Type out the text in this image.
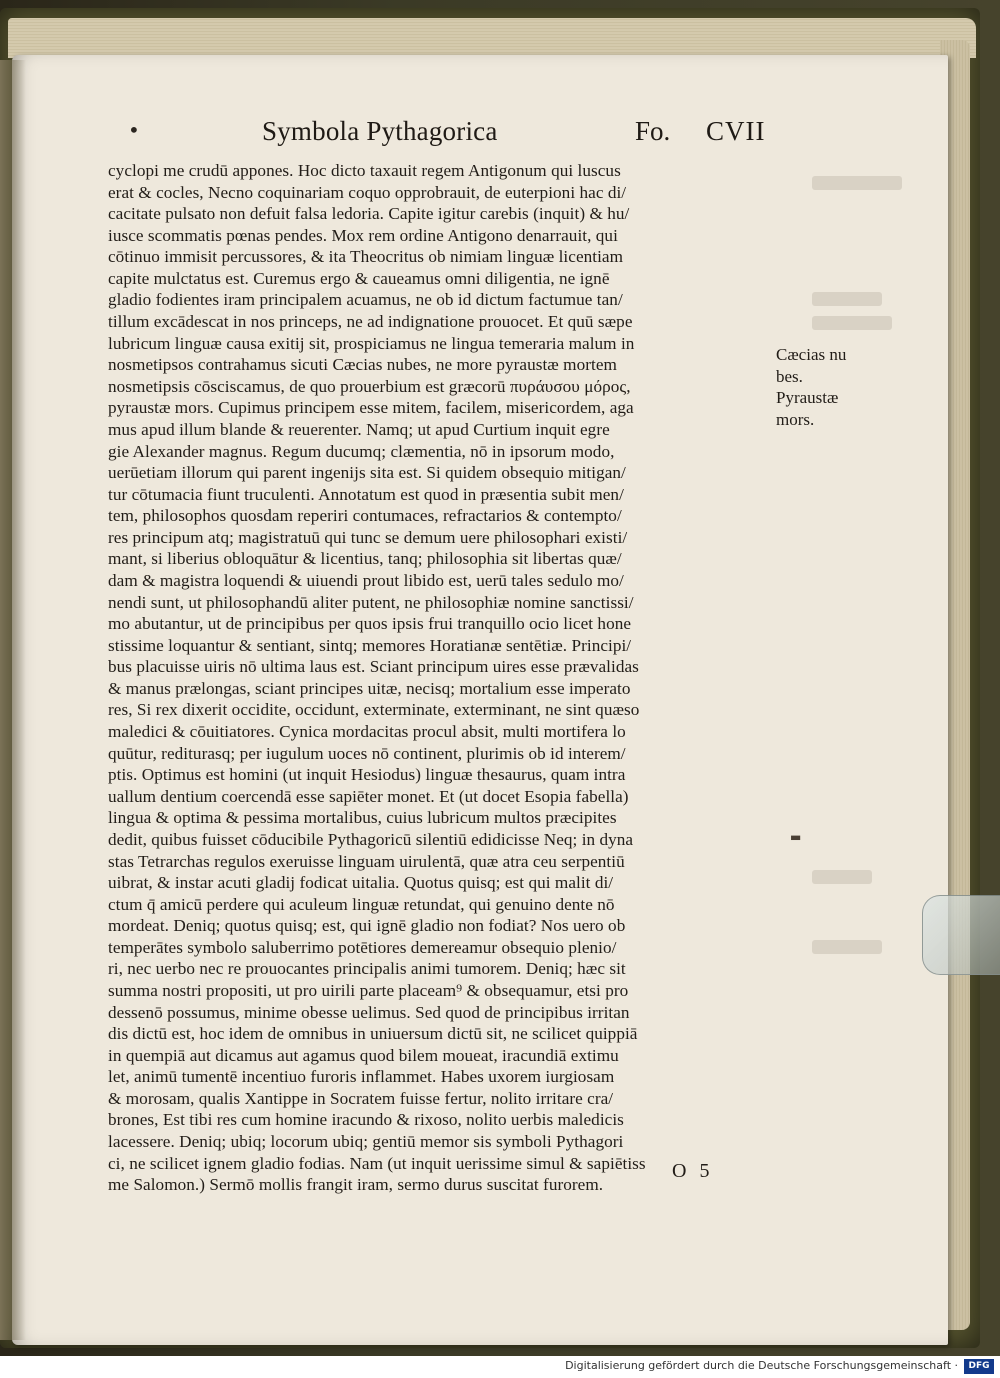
•	Symbola Pythagorica	Fo. CVII
cyclopi me crudū appones. Hoc dicto taxauit regem Antigonum qui luscus
erat & cocles, Necno coquinariam coquo opprobrauit, de euterpioni hac di/
cacitate pulsato non defuit falsa ledoria. Capite igitur carebis (inquit) & hu/
iusce scommatis pœnas pendes. Mox rem ordine Antigono denarrauit, qui
cōtinuo immisit percussores, & ita Theocritus ob nimiam linguæ licentiam
capite mulctatus est. Curemus ergo & caueamus omni diligentia, ne ignē
gladio fodientes iram principalem acuamus, ne ob id dictum factumue tan/
tillum excādescat in nos princeps, ne ad indignatione prouocet. Et quū sæpe
lubricum linguæ causa exitij sit, prospiciamus ne lingua temeraria malum in
nosmetipsos contrahamus sicuti Cæcias nubes, ne more pyraustæ mortem
nosmetipsis cōsciscamus, de quo prouerbium est græcorū πυράυσου μόρος,
pyraustæ mors. Cupimus principem esse mitem, facilem, misericordem, aga
mus apud illum blande & reuerenter. Namq; ut apud Curtium inquit egre
gie Alexander magnus. Regum ducumq; clæmentia, nō in ipsorum modo,
uerūetiam illorum qui parent ingenijs sita est. Si quidem obsequio mitigan/
tur cōtumacia fiunt truculenti. Annotatum est quod in præsentia subit men/
tem, philosophos quosdam reperiri contumaces, refractarios & contempto/
res principum atq; magistratuū qui tunc se demum uere philosophari existi/
mant, si liberius obloquātur & licentius, tanq; philosophia sit libertas quæ/
dam & magistra loquendi & uiuendi prout libido est, uerū tales sedulo mo/
nendi sunt, ut philosophandū aliter putent, ne philosophiæ nomine sanctissi/
mo abutantur, ut de principibus per quos ipsis frui tranquillo ocio licet hone
stissime loquantur & sentiant, sintq; memores Horatianæ sentētiæ. Principi/
bus placuisse uiris nō ultima laus est. Sciant principum uires esse prævalidas
& manus prælongas, sciant principes uitæ, necisq; mortalium esse imperato
res, Si rex dixerit occidite, occidunt, exterminate, exterminant, ne sint quæso
maledici & cōuitiatores. Cynica mordacitas procul absit, multi mortifera lo
quūtur, rediturasq; per iugulum uoces nō continent, plurimis ob id interem/
ptis. Optimus est homini (ut inquit Hesiodus) linguæ thesaurus, quam intra
uallum dentium coercendā esse sapiēter monet. Et (ut docet Esopia fabella)
lingua & optima & pessima mortalibus, cuius lubricum multos præcipites
dedit, quibus fuisset cōducibile Pythagoricū silentiū edidicisse Neq; in dyna
stas Tetrarchas regulos exeruisse linguam uirulentā, quæ atra ceu serpentiū
uibrat, & instar acuti gladij fodicat uitalia. Quotus quisq; est qui malit di/
ctum q̄ amicū perdere qui aculeum linguæ retundat, qui genuino dente nō
mordeat. Deniq; quotus quisq; est, qui ignē gladio non fodiat? Nos uero ob
temperātes symbolo saluberrimo potētiores demereamur obsequio plenio/
ri, nec uerbo nec re prouocantes principalis animi tumorem. Deniq; hæc sit
summa nostri propositi, ut pro uirili parte placeam⁹ & obsequamur, etsi pro
dessenō possumus, minime obesse uelimus. Sed quod de principibus irritan
dis dictū est, hoc idem de omnibus in uniuersum dictū sit, ne scilicet quippiā
in quempiā aut dicamus aut agamus quod bilem moueat, iracundiā extimu
let, animū tumentē incentiuo furoris inflammet. Habes uxorem iurgiosam
& morosam, qualis Xantippe in Socratem fuisse fertur, nolito irritare cra/
brones, Est tibi res cum homine iracundo & rixoso, nolito uerbis maledicis
lacessere. Deniq; ubiq; locorum ubiq; gentiū memor sis symboli Pythagori
ci, ne scilicet ignem gladio fodias. Nam (ut inquit uerissime simul & sapiētiss
me Salomon.) Sermō mollis frangit iram, sermo durus suscitat furorem.
Cæcias nu
bes.
Pyraustæ
mors.
▬
O 5
Digitalisierung gefördert durch die Deutsche Forschungsgemeinschaft ·	DFG
